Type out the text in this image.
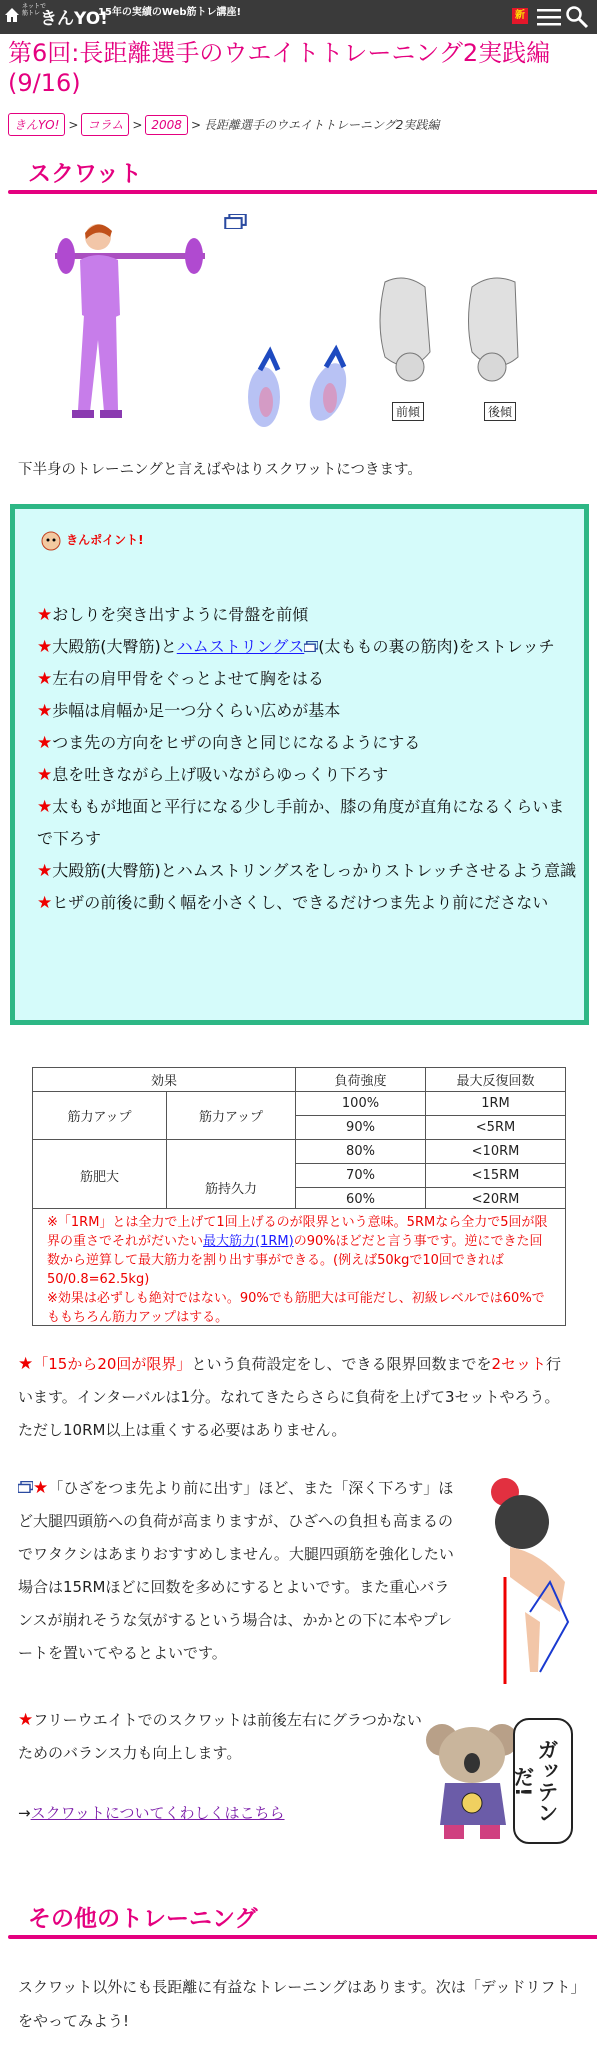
ネットで
筋トレ きんYO!
15年の実績のWeb筋トレ講座!	新
第6回:長距離選手のウエイトトレーニング2実践編(9/16)
きんYO! > コラム > 2008 > 長距離選手のウエイトトレーニング2実践編
スクワット
前傾	後傾
下半身のトレーニングと言えばやはりスクワットにつきます。
$^{きんポイント!}$
★おしりを突き出すように骨盤を前傾
★大殿筋(大臀筋)とハムストリングス (太ももの裏の筋肉)をストレッチ
★左右の肩甲骨をぐっとよせて胸をはる
★歩幅は肩幅か足一つ分くらい広めが基本
★つま先の方向をヒザの向きと同じになるようにする
★息を吐きながら上げ吸いながらゆっくり下ろす
★太ももが地面と平行になる少し手前か、膝の角度が直角になるくらいまで下ろす
★大殿筋(大臀筋)とハムストリングスをしっかりストレッチさせるよう意識
★ヒザの前後に動く幅を小さくし、できるだけつま先より前にださない
効果		負荷強度	最大反復回数
筋力アップ	筋力アップ	100%	1RM
		90%	<5RM
筋肥大		80%	<10RM
	筋持久力	70%	<15RM
		60%	<20RM
※「1RM」とは全力で上げて1回上げるのが限界という意味。5RMなら全力で5回が限界の重さでそれがだいたい最大筋力(1RM)の90%ほどだと言う事です。逆にできた回数から逆算して最大筋力を割り出す事ができる。(例えば50kgで10回できれば50/0.8=62.5kg)
※効果は必ずしも絶対ではない。90%でも筋肥大は可能だし、初級レベルでは60%でももちろん筋力アップはする。
★「15から20回が限界」という負荷設定をし、できる限界回数までを2セット行います。インターバルは1分。なれてきたらさらに負荷を上げて3セットやろう。ただし10RM以上は重くする必要はありません。
★「ひざをつま先より前に出す」ほど、また「深く下ろす」ほど大腿四頭筋への負荷が高まりますが、ひざへの負担も高まるのでワタクシはあまりおすすめしません。大腿四頭筋を強化したい場合は15RMほどに回数を多めにするとよいです。また重心バランスが崩れそうな気がするという場合は、かかとの下に本やプレートを置いてやるとよいです。
★フリーウエイトでのスクワットは前後左右にグラつかないためのバランス力も向上します。	ガッテンだ!
→スクワットについてくわしくはこちら
その他のトレーニング
スクワット以外にも長距離に有益なトレーニングはあります。次は「デッドリフト」をやってみよう!
